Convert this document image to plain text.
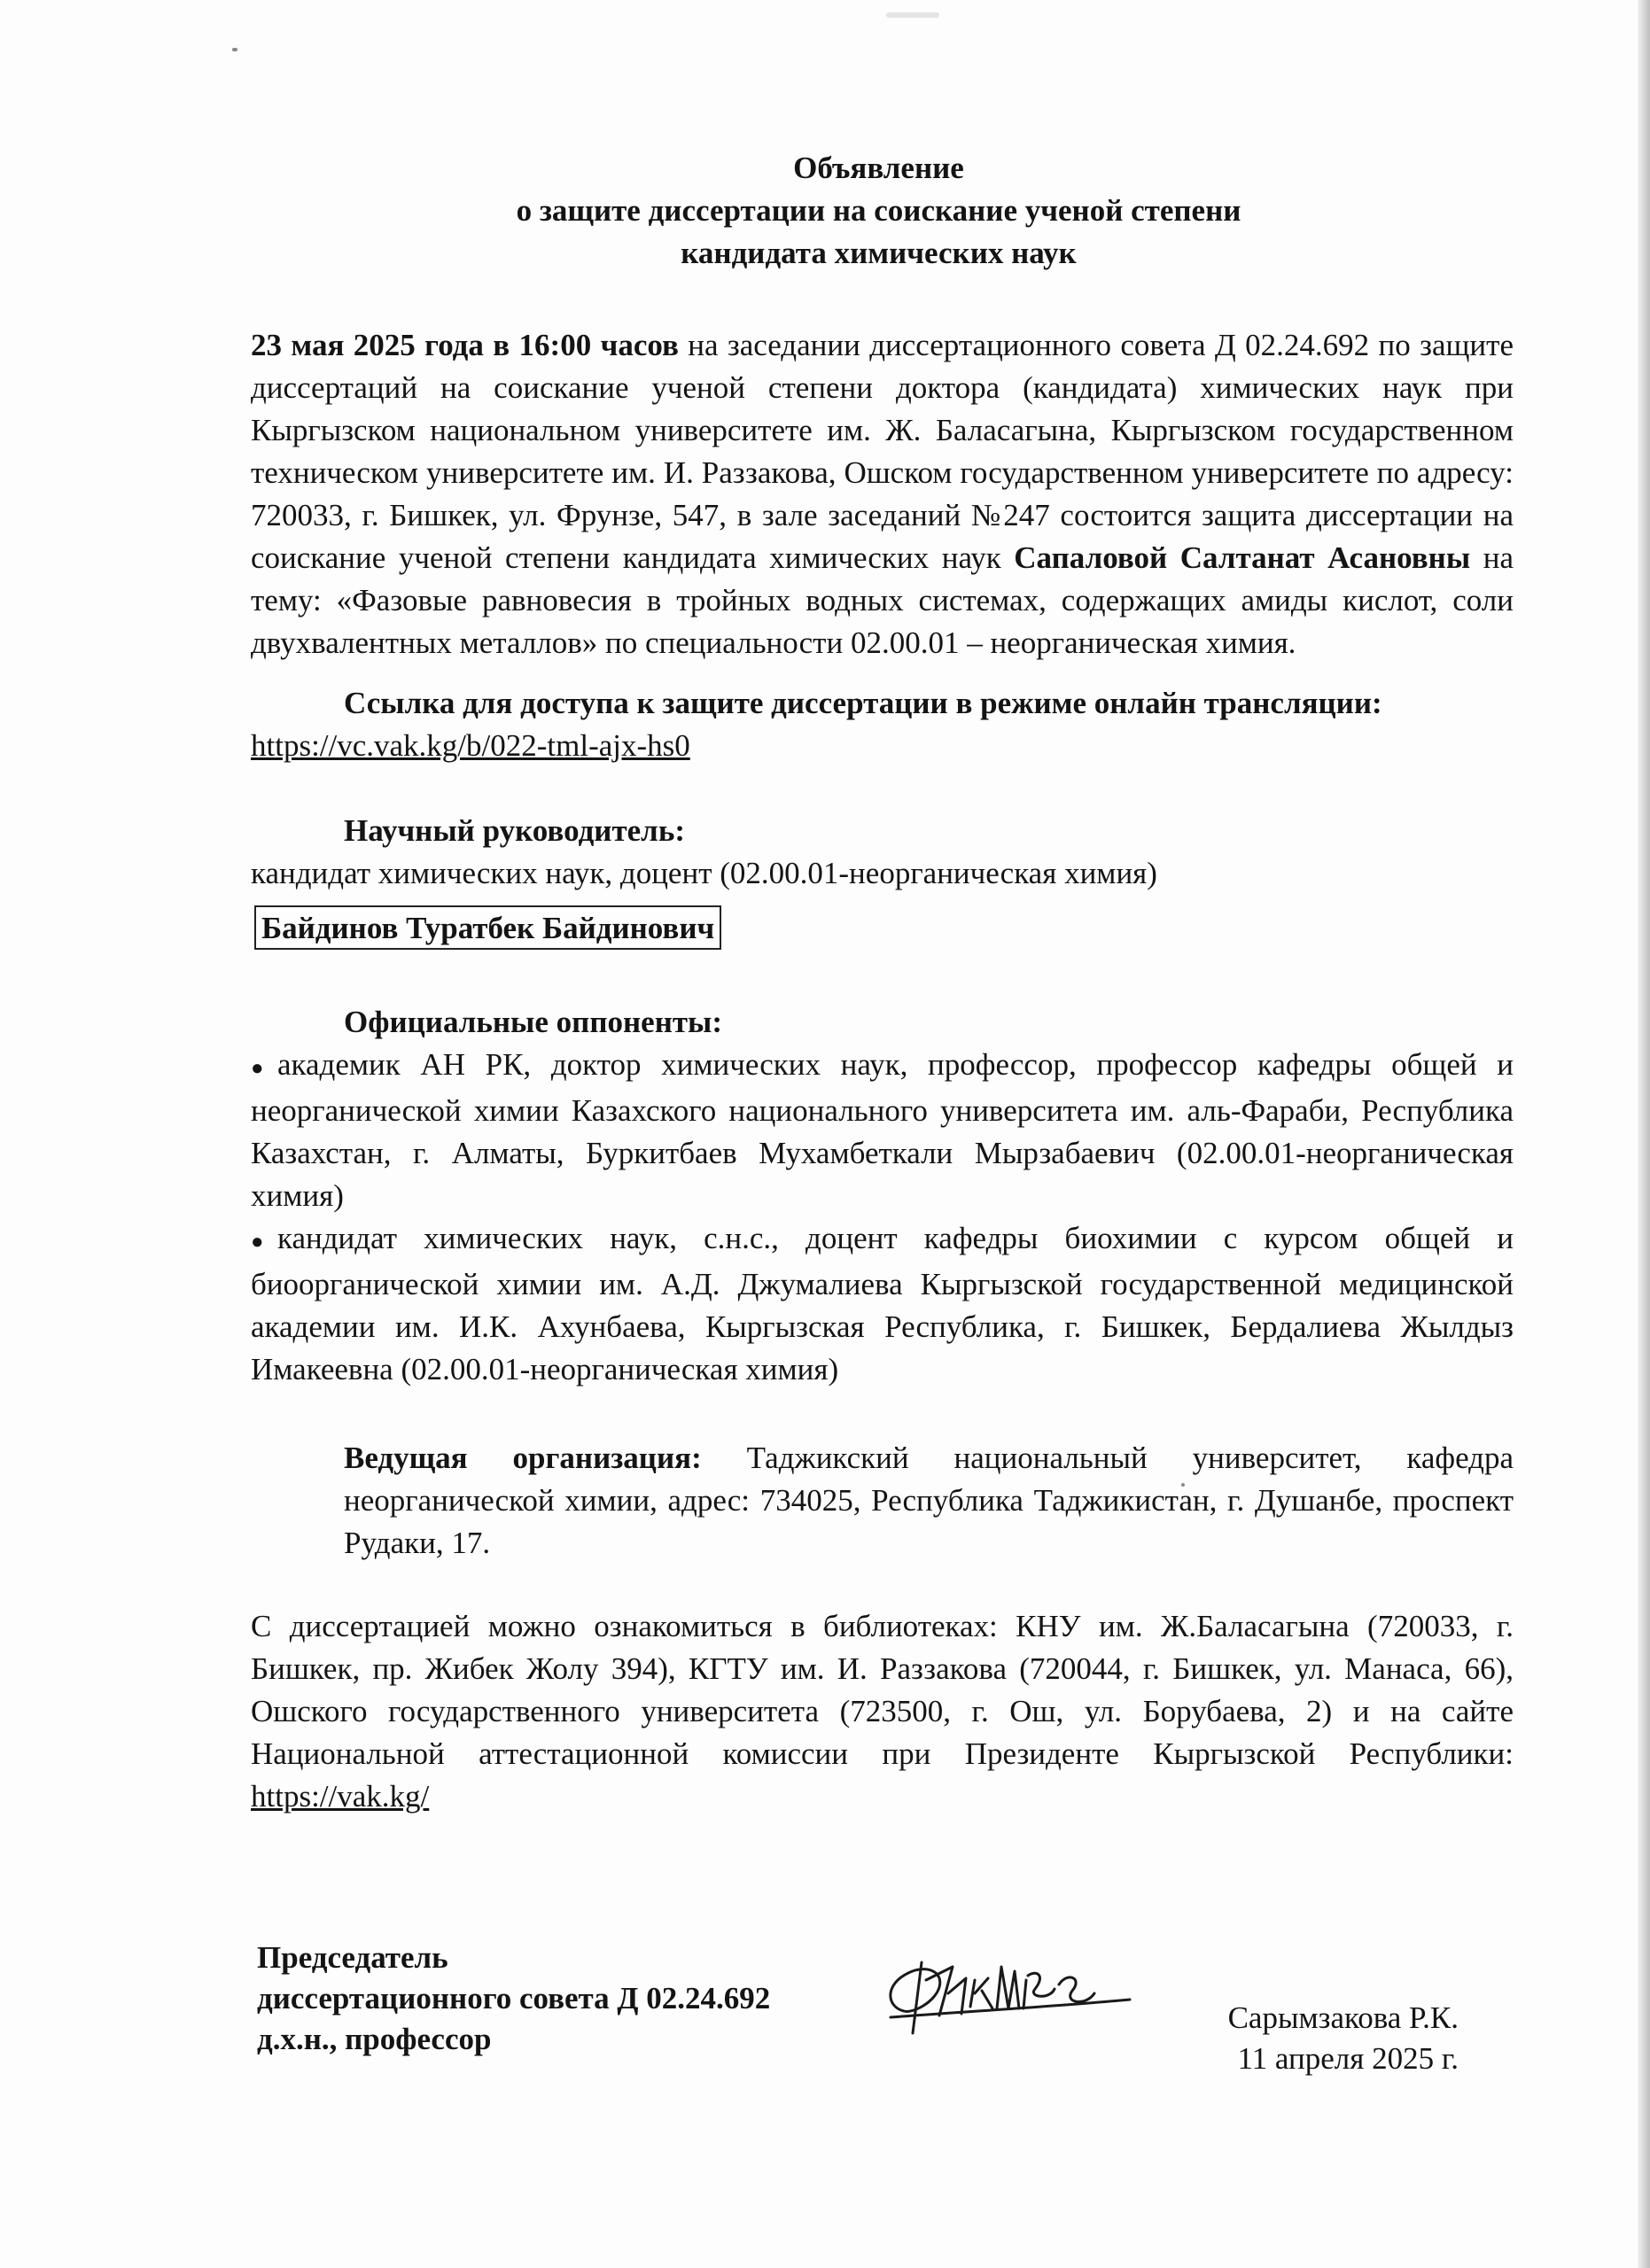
Объявление
о защите диссертации на соискание ученой степени
кандидата химических наук

23 мая 2025 года в 16:00 часов на заседании диссертационного совета Д 02.24.692 по защите диссертаций на соискание ученой степени доктора (кандидата) химических наук при Кыргызском национальном университете им. Ж. Баласагына, Кыргызском государственном техническом университете им. И. Раззакова, Ошском государственном университете по адресу: 720033, г. Бишкек, ул. Фрунзе, 547, в зале заседаний №247 состоится защита диссертации на соискание ученой степени кандидата химических наук Сапаловой Салтанат Асановны на тему: «Фазовые равновесия в тройных водных системах, содержащих амиды кислот, соли двухвалентных металлов» по специальности 02.00.01 – неорганическая химия.

Ссылка для доступа к защите диссертации в режиме онлайн трансляции:

https://vc.vak.kg/b/022-tml-ajx-hs0

Научный руководитель:

кандидат химических наук, доцент (02.00.01-неорганическая химия)

Байдинов Туратбек Байдинович

Официальные оппоненты:

● академик АН РК, доктор химических наук, профессор, профессор кафедры общей и неорганической химии Казахского национального университета им. аль-Фараби, Республика Казахстан, г. Алматы, Буркитбаев Мухамбеткали Мырзабаевич (02.00.01-неорганическая химия)

● кандидат химических наук, с.н.с., доцент кафедры биохимии с курсом общей и биоорганической химии им. А.Д. Джумалиева Кыргызской государственной медицинской академии им. И.К. Ахунбаева, Кыргызская Республика, г. Бишкек, Бердалиева Жылдыз Имакеевна (02.00.01-неорганическая химия)

Ведущая организация: Таджикский национальный университет, кафедра неорганической химии, адрес: 734025, Республика Таджикистан, г. Душанбе, проспект Рудаки, 17.

С диссертацией можно ознакомиться в библиотеках: КНУ им. Ж.Баласагына (720033, г. Бишкек, пр. Жибек Жолу 394), КГТУ им. И. Раззакова (720044, г. Бишкек, ул. Манаса, 66), Ошского государственного университета (723500, г. Ош, ул. Борубаева, 2) и на сайте Национальной аттестационной комиссии при Президенте Кыргызской Республики: https://vak.kg/

Председатель
диссертационного совета Д 02.24.692
д.х.н., профессор
Сарымзакова Р.К.
11 апреля 2025 г.
